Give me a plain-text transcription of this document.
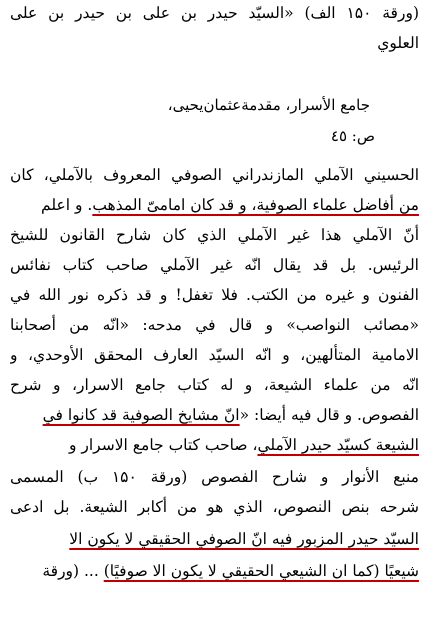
(ورقة ۱۵۰ الف) «السيّد حيدر بن على بن حيدر بن على
العلوي
جامع الأسرار، مقدمةعثمان‌يحيى،
ص: ٤٥
الحسيني الآملي المازندراني الصوفي المعروف بالآملي، كان
من أفاضل علماء الصوفية، و قد كان امامىّ المذهب. و اعلم
أنّ الآملي هذا غير الآملي الذي كان شارح القانون للشيخ
الرئيس. بل قد يقال انّه غير الآملي صاحب كتاب نفائس
الفنون و غيره من الكتب. فلا تغفل! و قد ذكره نور الله في
«مصائب النواصب» و قال في مدحه: «انّه من أصحابنا
الامامية المتألهين، و انّه السيّد العارف المحقق الأوحدي، و
انّه من علماء الشيعة، و له كتاب جامع الاسرار، و شرح
الفصوص. و قال فيه أيضا: «انّ مشايخ الصوفية قد كانوا في
الشيعة كسيّد حيدر الآملي، صاحب كتاب جامع الاسرار و
منبع الأنوار و شارح الفصوص (ورقة ۱۵۰ ب) المسمى
شرحه بنص النصوص، الذي هو من أكابر الشيعة. بل ادعى
السيّد حيدر المزبور فيه انّ الصوفي الحقيقي لا يكون الا
شيعيًا (كما ان الشيعي الحقيقي لا يكون الا صوفيًا) ... (ورقة
